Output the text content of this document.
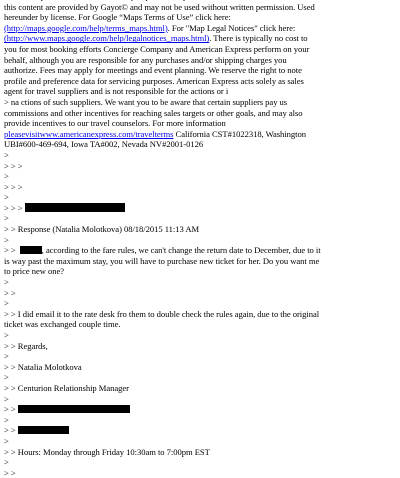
this content are provided by Gayot© and may not be used without written permission. Used
hereunder by license. For Google “Maps Terms of Use” click here:
(http://maps.google.com/help/terms_maps.html). For "Map Legal Notices" click here:
(http://www.maps.google.com/help/legalnotices_maps.html). There is typically no cost to
you for most booking efforts Concierge Company and American Express perform on your
behalf, although you are responsible for any purchases and/or shipping charges you
authorize. Fees may apply for meetings and event planning. We reserve the right to note
profile and preference data for servicing purposes. American Express acts solely as sales
agent for travel suppliers and is not responsible for the actions or i
> na ctions of such suppliers. We want you to be aware that certain suppliers pay us
commissions and other incentives for reaching sales targets or other goals, and may also
provide incentives to our travel counselors. For more information
pleasevisitwww.americanexpress.com/travelterms California CST#1022318, Washington
UBI#600-469-694, Iowa TA#002, Nevada NV#2001-0126
>
> > >
>
> > >
>
> > >
>
> > Response (Natalia Molotkova) 08/18/2015 11:13 AM
>
> >	, according to the fare rules, we can't change the return date to December, due to it
is way past the maximum stay, you will have to purchase new ticket for her. Do you want me
to price new one?
>
> >
>
> > I did email it to the rate desk fro them to double check the rules again, due to the original
ticket was exchanged couple time.
>
> > Regards,
>
> > Natalia Molotkova
>
> > Centurion Relationship Manager
>
> >
>
> >
>
> > Hours: Monday through Friday 10:30am to 7:00pm EST
>
> >
